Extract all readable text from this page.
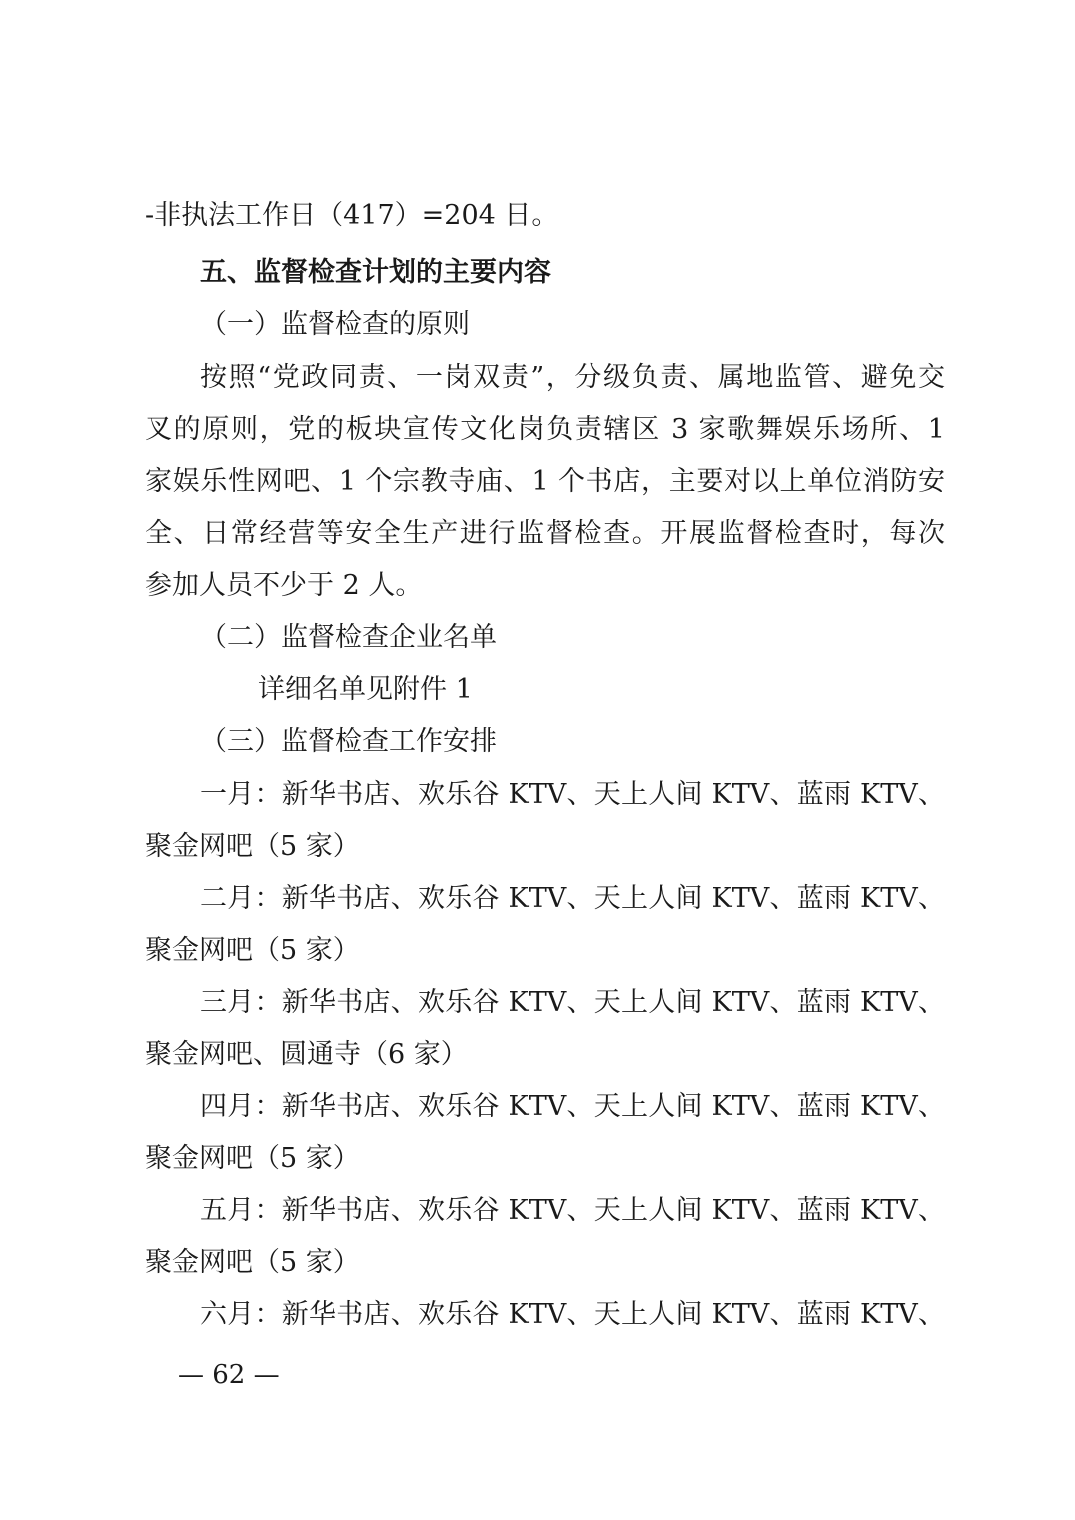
-非执法工作日（417）=204 日。
五、监督检查计划的主要内容
（一）监督检查的原则
按照“党政同责、一岗双责”，分级负责、属地监管、避免交
叉的原则，党的板块宣传文化岗负责辖区 3 家歌舞娱乐场所、1
家娱乐性网吧、1 个宗教寺庙、1 个书店，主要对以上单位消防安
全、日常经营等安全生产进行监督检查。开展监督检查时，每次
参加人员不少于 2 人。
（二）监督检查企业名单
详细名单见附件 1
（三）监督检查工作安排
一月：新华书店、欢乐谷 KTV、天上人间 KTV、蓝雨 KTV、
聚金网吧（5 家）
二月：新华书店、欢乐谷 KTV、天上人间 KTV、蓝雨 KTV、
聚金网吧（5 家）
三月：新华书店、欢乐谷 KTV、天上人间 KTV、蓝雨 KTV、
聚金网吧、圆通寺（6 家）
四月：新华书店、欢乐谷 KTV、天上人间 KTV、蓝雨 KTV、
聚金网吧（5 家）
五月：新华书店、欢乐谷 KTV、天上人间 KTV、蓝雨 KTV、
聚金网吧（5 家）
六月：新华书店、欢乐谷 KTV、天上人间 KTV、蓝雨 KTV、
— 62 —
